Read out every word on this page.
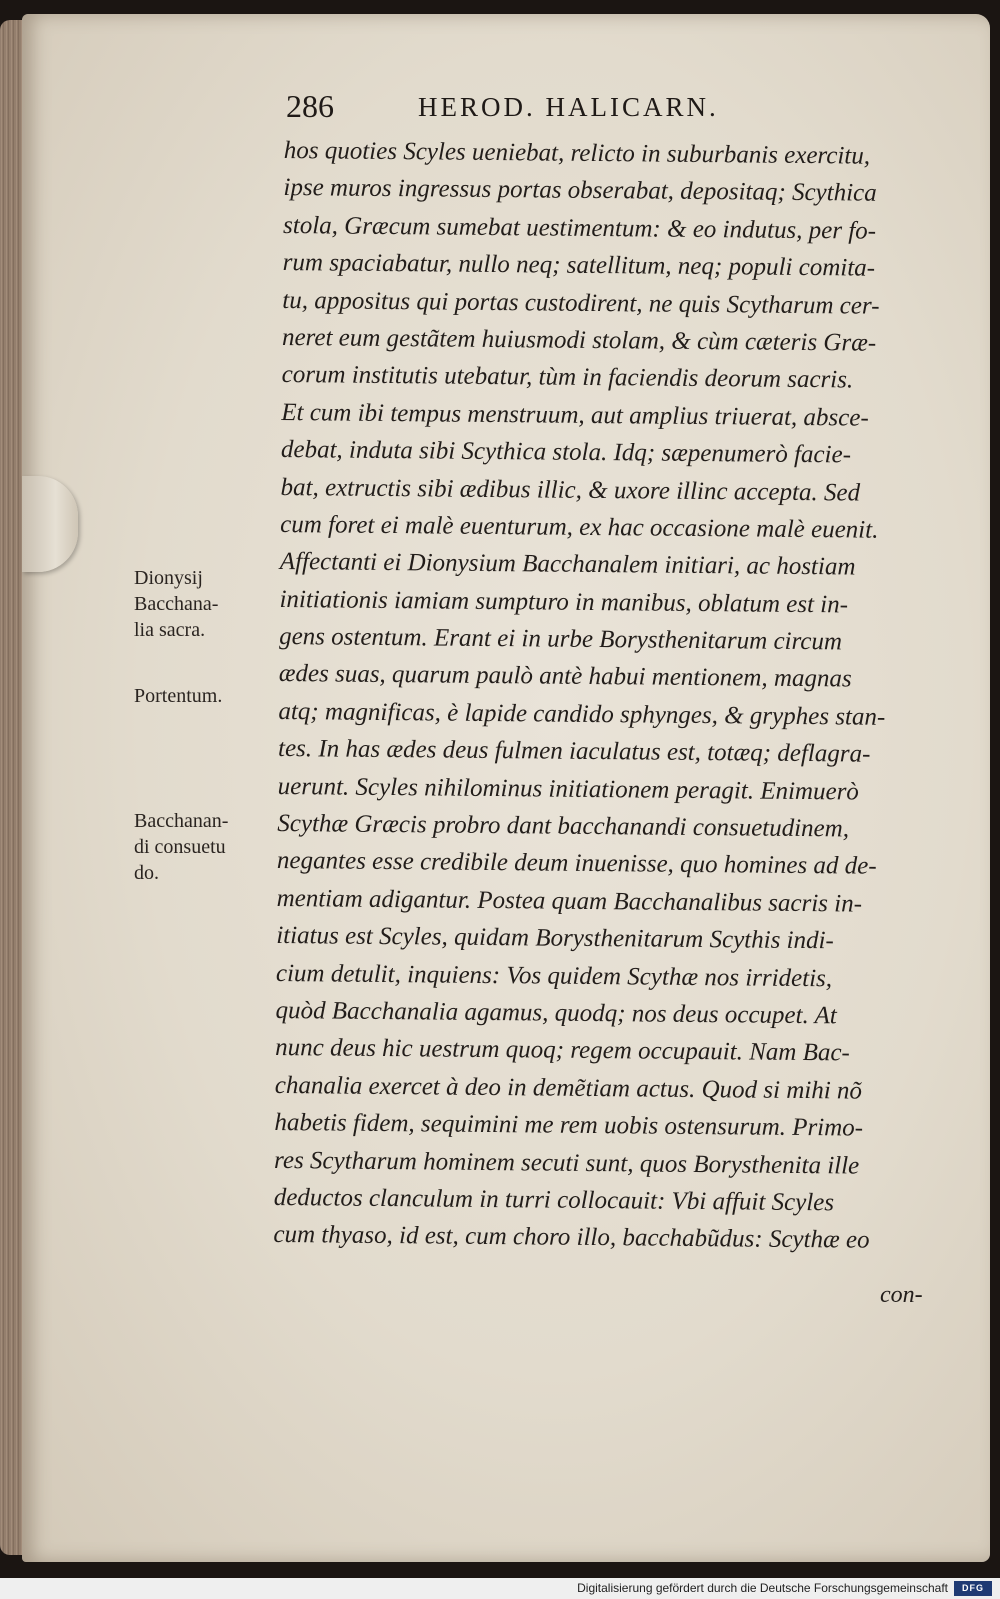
286	HEROD. HALICARN.
hos quoties Scyles ueniebat, relicto in suburbanis exercitu,
ipse muros ingressus portas obserabat, depositaq; Scythica
stola, Græcum sumebat uestimentum: & eo indutus, per fo-
rum spaciabatur, nullo neq; satellitum, neq; populi comita-
tu, appositus qui portas custodirent, ne quis Scytharum cer-
neret eum gestãtem huiusmodi stolam, & cùm cæteris Græ-
corum institutis utebatur, tùm in faciendis deorum sacris.
Et cum ibi tempus menstruum, aut amplius triuerat, absce-
debat, induta sibi Scythica stola. Idq; sæpenumerò facie-
bat, extructis sibi ædibus illic, & uxore illinc accepta. Sed
cum foret ei malè euenturum, ex hac occasione malè euenit.
Affectanti ei Dionysium Bacchanalem initiari, ac hostiam
initiationis iamiam sumpturo in manibus, oblatum est in-
gens ostentum. Erant ei in urbe Borysthenitarum circum
ædes suas, quarum paulò antè habui mentionem, magnas
atq; magnificas, è lapide candido sphynges, & gryphes stan-
tes. In has ædes deus fulmen iaculatus est, totæq; deflagra-
uerunt. Scyles nihilominus initiationem peragit. Enimuerò
Scythæ Græcis probro dant bacchanandi consuetudinem,
negantes esse credibile deum inuenisse, quo homines ad de-
mentiam adigantur. Postea quam Bacchanalibus sacris in-
itiatus est Scyles, quidam Borysthenitarum Scythis indi-
cium detulit, inquiens: Vos quidem Scythæ nos irridetis,
quòd Bacchanalia agamus, quodq; nos deus occupet. At
nunc deus hic uestrum quoq; regem occupauit. Nam Bac-
chanalia exercet à deo in demẽtiam actus. Quod si mihi nõ
habetis fidem, sequimini me rem uobis ostensurum. Primo-
res Scytharum hominem secuti sunt, quos Borysthenita ille
deductos clanculum in turri collocauit: Vbi affuit Scyles
cum thyaso, id est, cum choro illo, bacchabũdus: Scythæ eo
Dionysij
Bacchana-
lia sacra.
Portentum.
Bacchanan-
di consuetu
do.
con-
Digitalisierung gefördert durch die Deutsche Forschungsgemeinschaft	DFG
